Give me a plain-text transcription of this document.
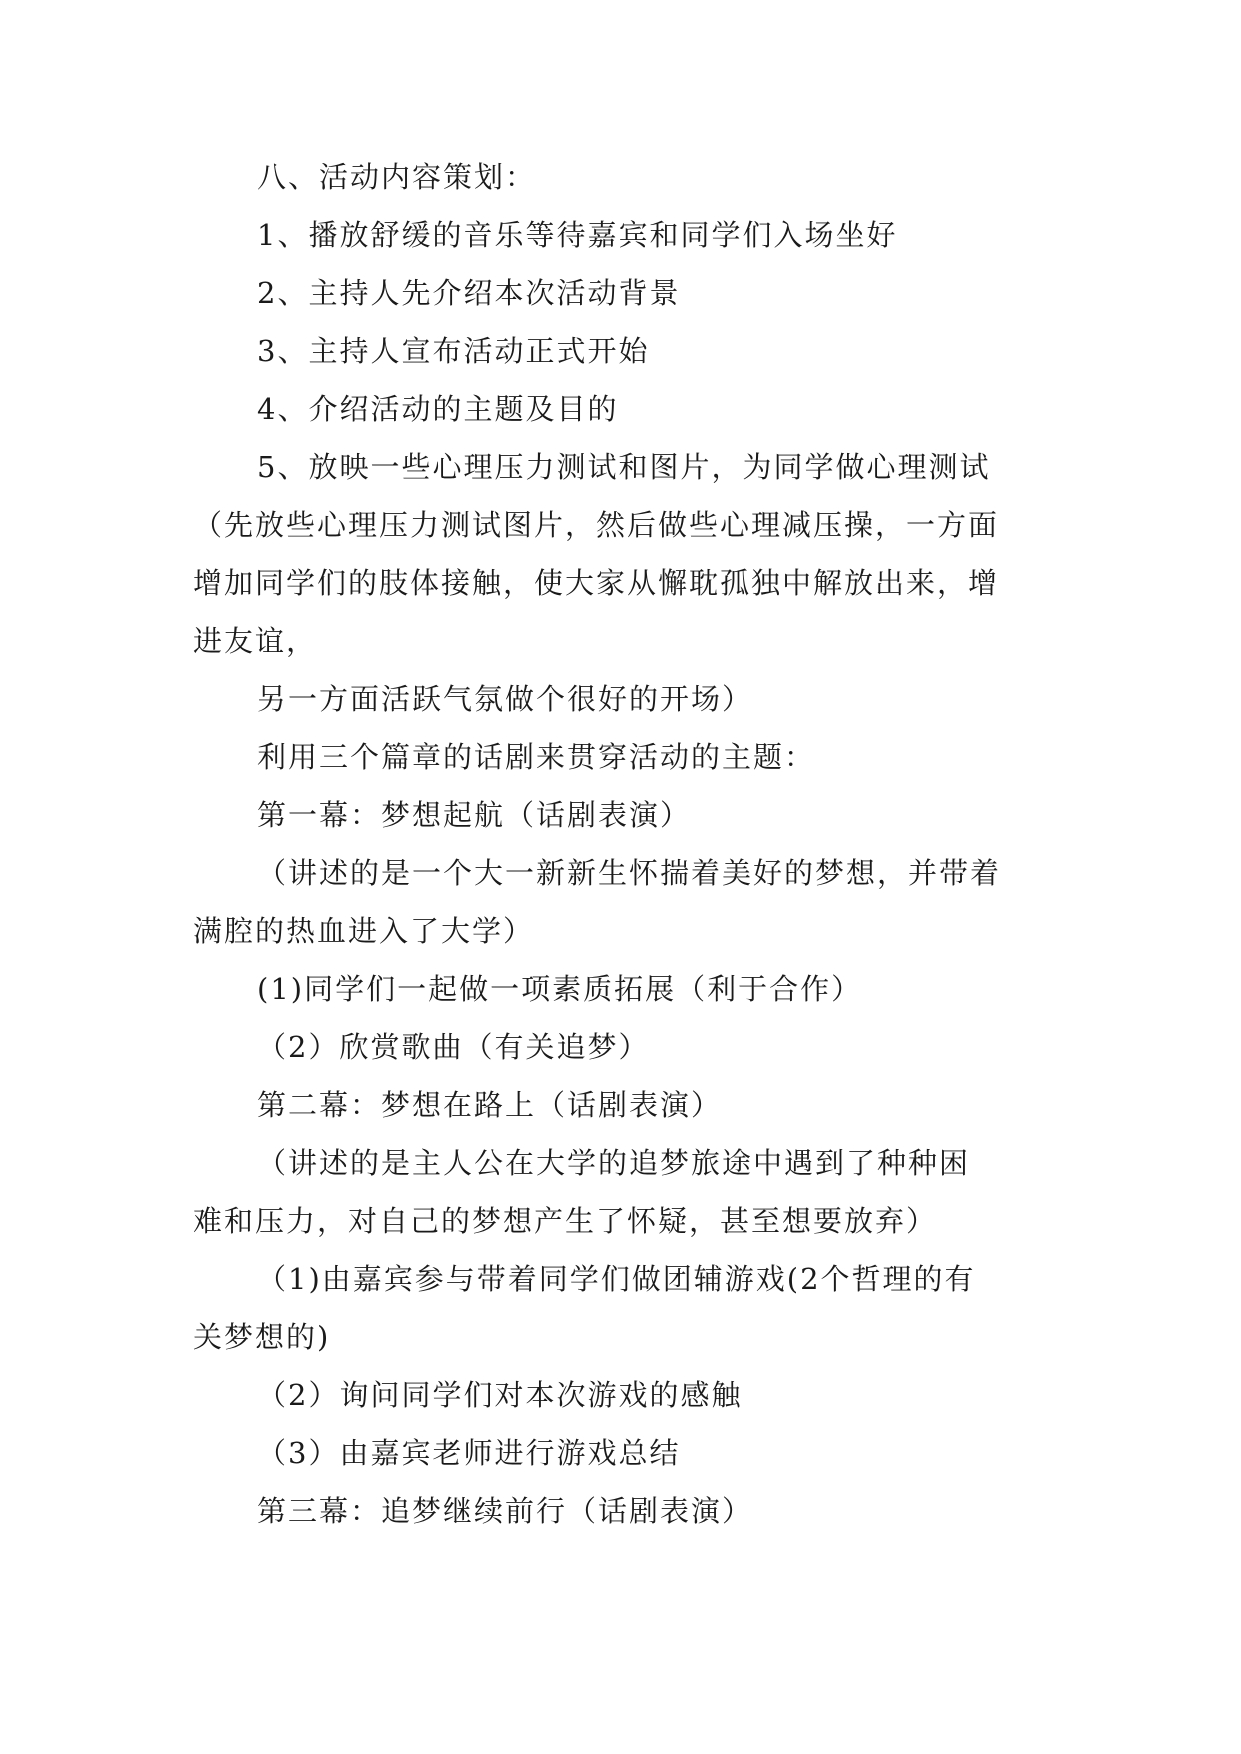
八、活动内容策划：
1、播放舒缓的音乐等待嘉宾和同学们入场坐好
2、主持人先介绍本次活动背景
3、主持人宣布活动正式开始
4、介绍活动的主题及目的
5、放映一些心理压力测试和图片，为同学做心理测试
（先放些心理压力测试图片，然后做些心理减压操，一方面
增加同学们的肢体接触，使大家从懈耽孤独中解放出来，增
进友谊，
另一方面活跃气氛做个很好的开场）
利用三个篇章的话剧来贯穿活动的主题：
第一幕：梦想起航（话剧表演）
（讲述的是一个大一新新生怀揣着美好的梦想，并带着
满腔的热血进入了大学）
(1)同学们一起做一项素质拓展（利于合作）
（2）欣赏歌曲（有关追梦）
第二幕：梦想在路上（话剧表演）
（讲述的是主人公在大学的追梦旅途中遇到了种种困
难和压力，对自己的梦想产生了怀疑，甚至想要放弃）
（1)由嘉宾参与带着同学们做团辅游戏(2个哲理的有
关梦想的)
（2）询问同学们对本次游戏的感触
（3）由嘉宾老师进行游戏总结
第三幕：追梦继续前行（话剧表演）
